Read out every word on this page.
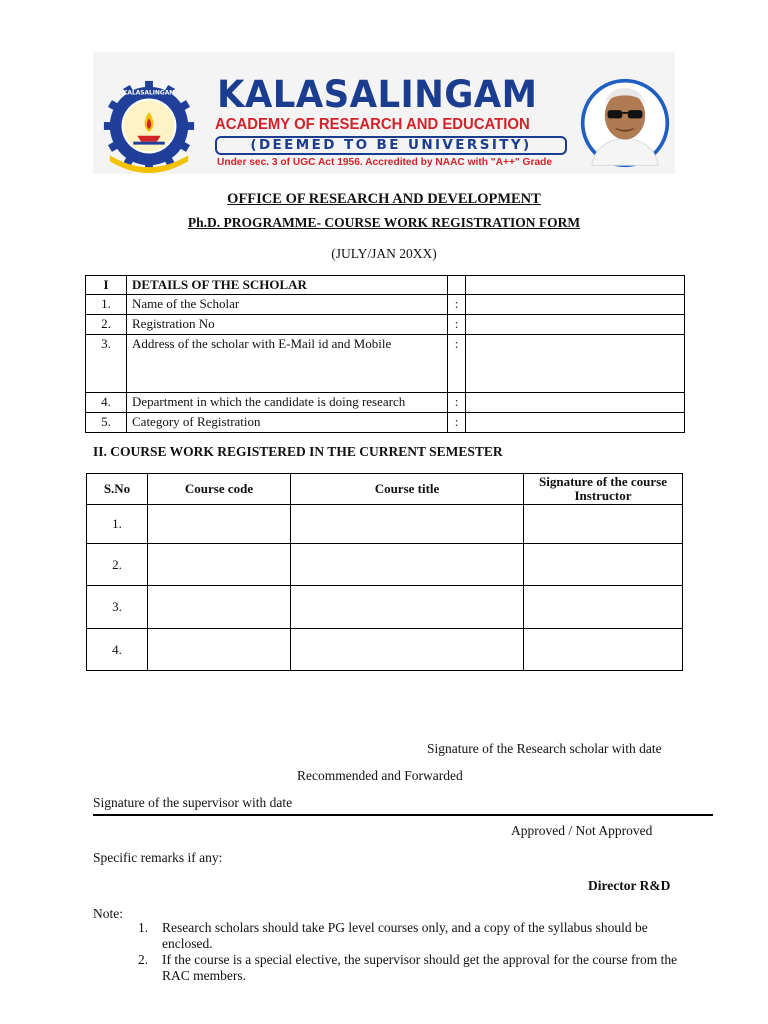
KALASALINGAM KALASALINGAM
ACADEMY OF RESEARCH AND EDUCATION
(DEEMED TO BE UNIVERSITY)
Under sec. 3 of UGC Act 1956. Accredited by NAAC with "A++" Grade
OFFICE OF RESEARCH AND DEVELOPMENT
Ph.D. PROGRAMME- COURSE WORK REGISTRATION FORM
(JULY/JAN 20XX)
I	DETAILS OF THE SCHOLAR		
1.	Name of the Scholar	:	
2.	Registration No	:	
3.	Address of the scholar with E-Mail id and Mobile	:	
4.	Department in which the candidate is doing research	:	
5.	Category of Registration	:	
II. COURSE WORK REGISTERED IN THE CURRENT SEMESTER
S.No	Course code	Course title	Signature of the course Instructor
1.			
2.			
3.			
4.			
Signature of the Research scholar with date
Recommended and Forwarded
Signature of the supervisor with date
Approved / Not Approved
Specific remarks if any:
Director R&D
Note:
1. Research scholars should take PG level courses only, and a copy of the syllabus should be enclosed.
2. If the course is a special elective, the supervisor should get the approval for the course from the RAC members.
